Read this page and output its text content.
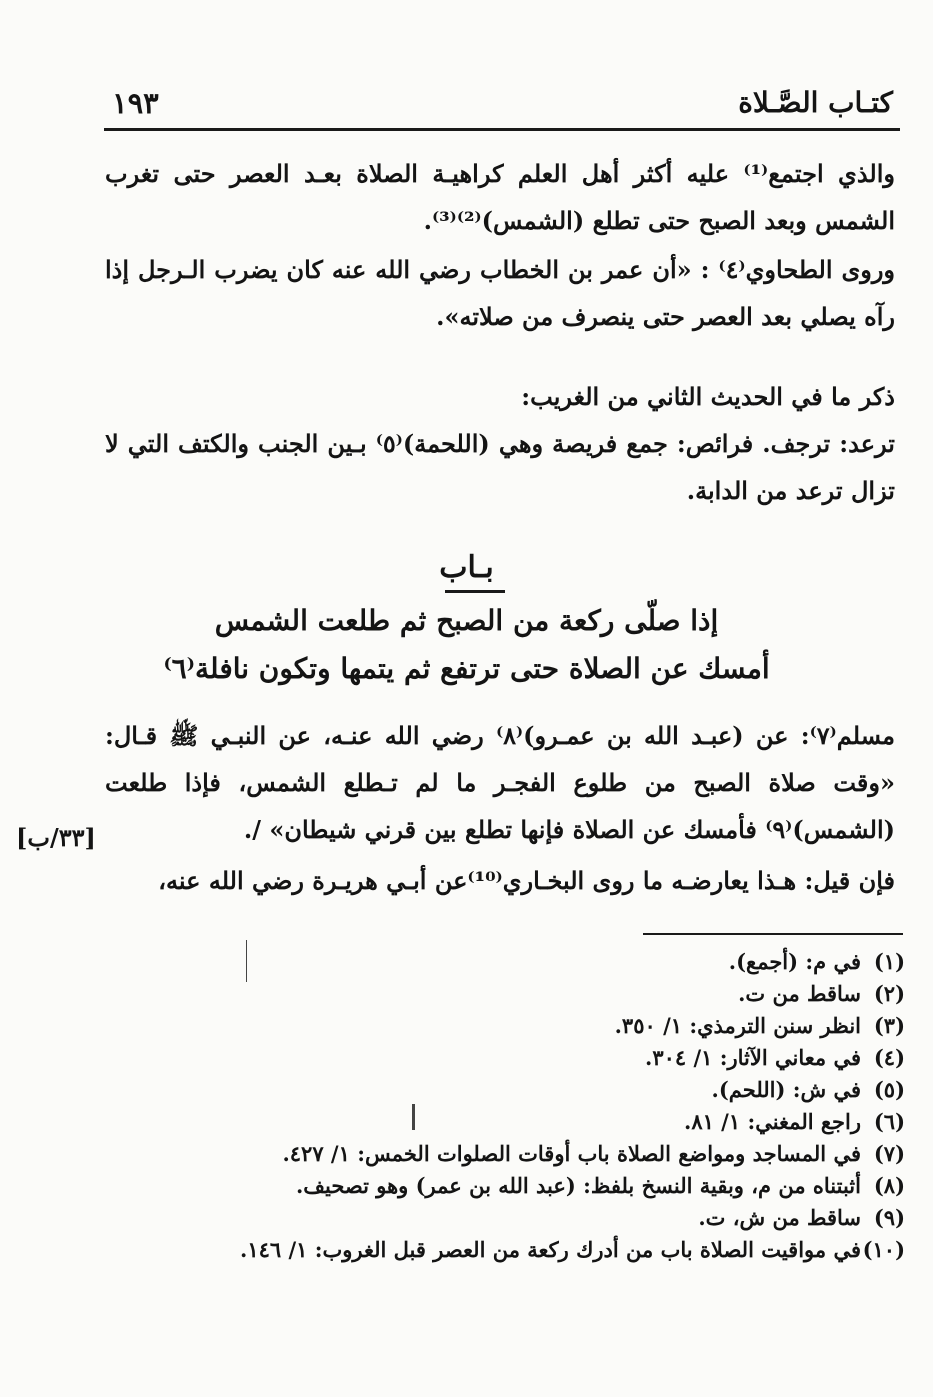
كتـاب الصَّـلاة
١٩٣
والذي اجتمع⁽¹⁾ عليه أكثر أهل العلم كراهيـة الصلاة بعـد العصر حتى تغرب الشمس وبعد الصبح حتى تطلع (الشمس)⁽²⁾⁽³⁾.
وروى الطحاوي⁽٤⁾ : «أن عمر بن الخطاب رضي الله عنه كان يضرب الـرجل إذا رآه يصلي بعد العصر حتى ينصرف من صلاته».
ذكر ما في الحديث الثاني من الغريب:
ترعد: ترجف. فرائص: جمع فريصة وهي (اللحمة)⁽٥⁾ بـين الجنب والكتف التي لا تزال ترعد من الدابة.
بـاب
إذا صلّى ركعة من الصبح ثم طلعت الشمس
أمسك عن الصلاة حتى ترتفع ثم يتمها وتكون نافلة⁽٦⁾
مسلم⁽٧⁾: عن (عبـد الله بن عمـرو)⁽٨⁾ رضي الله عنـه، عن النبـي ﷺ قـال: «وقت صلاة الصبح من طلوع الفجـر ما لم تـطلع الشمس، فإذا طلعت (الشمس)⁽٩⁾ فأمسك عن الصلاة فإنها تطلع بين قرني شيطان» /.
[٣٣/ب]
فإن قيل: هـذا يعارضـه ما روى البخـاري⁽¹⁰⁾عن أبـي هريـرة رضي الله عنه،
(١)في م: (أجمع).
(٢)ساقط من ت.
(٣)انظر سنن الترمذي: ١/ ٣٥٠.
(٤)في معاني الآثار: ١/ ٣٠٤.
(٥)في ش: (اللحم).
(٦)راجع المغني: ١/ ٨١.
(٧)في المساجد ومواضع الصلاة باب أوقات الصلوات الخمس: ١/ ٤٢٧.
(٨)أثبتناه من م، وبقية النسخ بلفظ: (عبد الله بن عمر) وهو تصحيف.
(٩)ساقط من ش، ت.
(١٠)في مواقيت الصلاة باب من أدرك ركعة من العصر قبل الغروب: ١/ ١٤٦.
